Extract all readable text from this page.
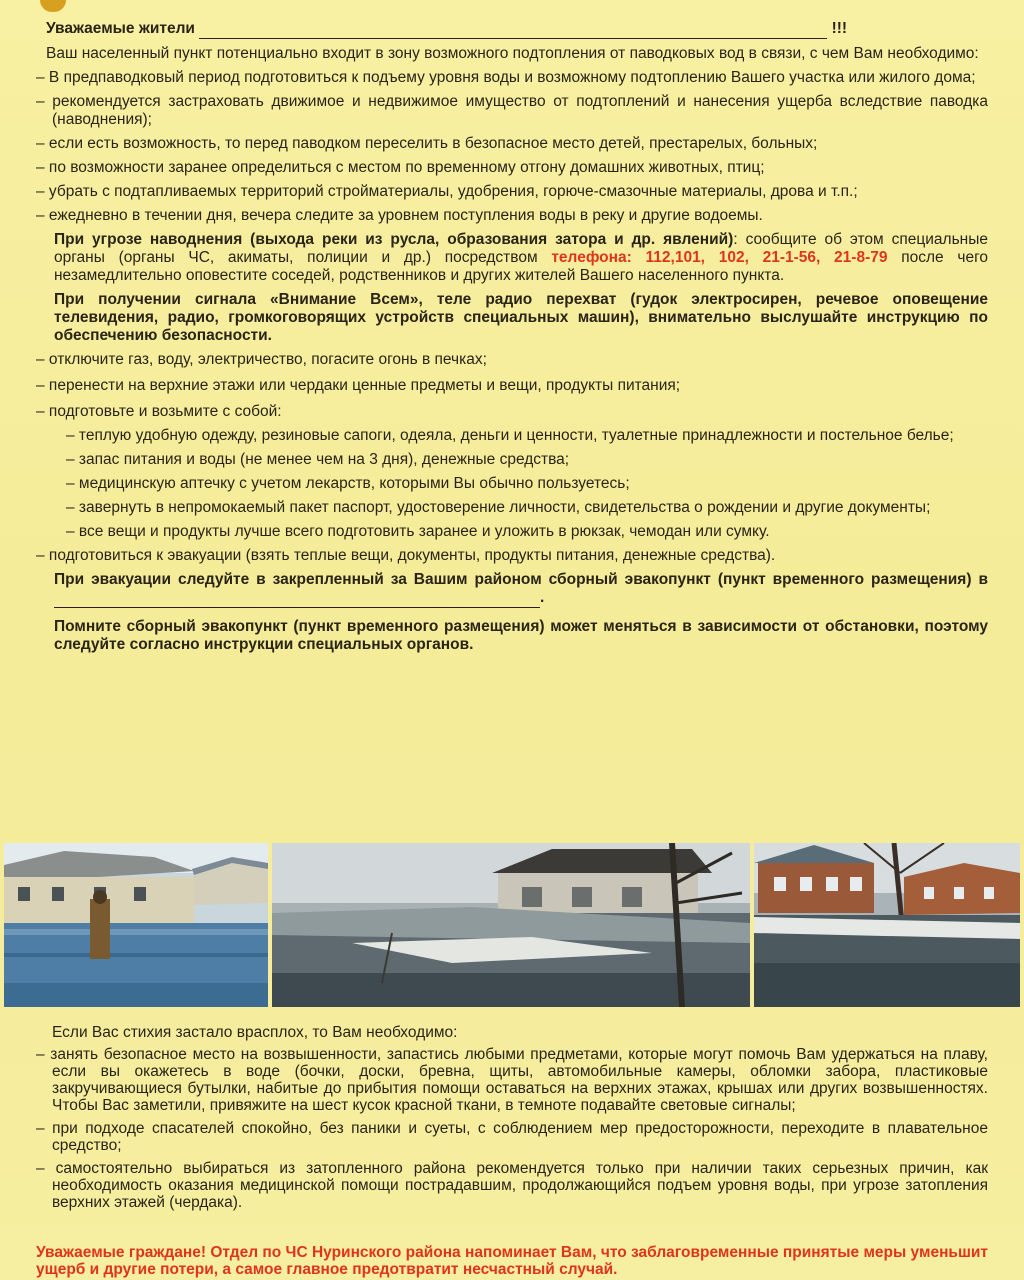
Уважаемые жители	!!!
Ваш населенный пункт потенциально входит в зону возможного подтопления от паводковых вод в связи, с чем Вам необходимо:
– В предпаводковый период подготовиться к подъему уровня воды и возможному подтоплению Вашего участка или жилого дома;
– рекомендуется застраховать движимое и недвижимое имущество от подтоплений и нанесения ущерба вследствие паводка (наводнения);
– если есть возможность, то перед паводком переселить в безопасное место детей, престарелых, больных;
– по возможности заранее определиться с местом по временному отгону домашних животных, птиц;
– убрать с подтапливаемых территорий стройматериалы, удобрения, горюче-смазочные материалы, дрова и т.п.;
– ежедневно в течении дня, вечера следите за уровнем поступления воды в реку и другие водоемы.
При угрозе наводнения (выхода реки из русла, образования затора и др. явлений): сообщите об этом специальные органы (органы ЧС, акиматы, полиции и др.) посредством телефона: 112,101, 102, 21-1-56, 21-8-79 после чего незамедлительно оповестите соседей, родственников и других жителей Вашего населенного пункта.
При получении сигнала «Внимание Всем», теле радио перехват (гудок электросирен, речевое оповещение телевидения, радио, громкоговорящих устройств специальных машин), внимательно выслушайте инструкцию по обеспечению безопасности.
– отключите газ, воду, электричество, погасите огонь в печках;
– перенести на верхние этажи или чердаки ценные предметы и вещи, продукты питания;
– подготовьте и возьмите с собой:
– теплую удобную одежду, резиновые сапоги, одеяла, деньги и ценности, туалетные принадлежности и постельное белье;
– запас питания и воды (не менее чем на 3 дня), денежные средства;
– медицинскую аптечку с учетом лекарств, которыми Вы обычно пользуетесь;
– завернуть в непромокаемый пакет паспорт, удостоверение личности, свидетельства о рождении и другие документы;
– все вещи и продукты лучше всего подготовить заранее и уложить в рюкзак, чемодан или сумку.
– подготовиться к эвакуации (взять теплые вещи, документы, продукты питания, денежные средства).
При эвакуации следуйте в закрепленный за Вашим районом сборный эвакопункт (пункт временного размещения) в  .
Помните сборный эвакопункт (пункт временного размещения) может меняться в зависимости от обстановки, поэтому следуйте согласно инструкции специальных органов.
Если Вас стихия застало врасплох, то Вам необходимо:
– занять безопасное место на возвышенности, запастись любыми предметами, которые могут помочь Вам удержаться на плаву, если вы окажетесь в воде (бочки, доски, бревна, щиты, автомобильные камеры, обломки забора, пластиковые закручивающиеся бутылки, набитые до прибытия помощи оставаться на верхних этажах, крышах или других возвышенностях. Чтобы Вас заметили, привяжите на шест кусок красной ткани, в темноте подавайте световые сигналы;
– при подходе спасателей спокойно, без паники и суеты, с соблюдением мер предосторожности, переходите в плавательное средство;
– самостоятельно выбираться из затопленного района рекомендуется только при наличии таких серьезных причин, как необходимость оказания медицинской помощи пострадавшим, продолжающийся подъем уровня воды, при угрозе затопления верхних этажей (чердака).
Уважаемые граждане! Отдел по ЧС Нуринского района напоминает Вам, что заблаговременные принятые меры уменьшит ущерб и другие потери, а самое главное предотвратит несчастный случай.
